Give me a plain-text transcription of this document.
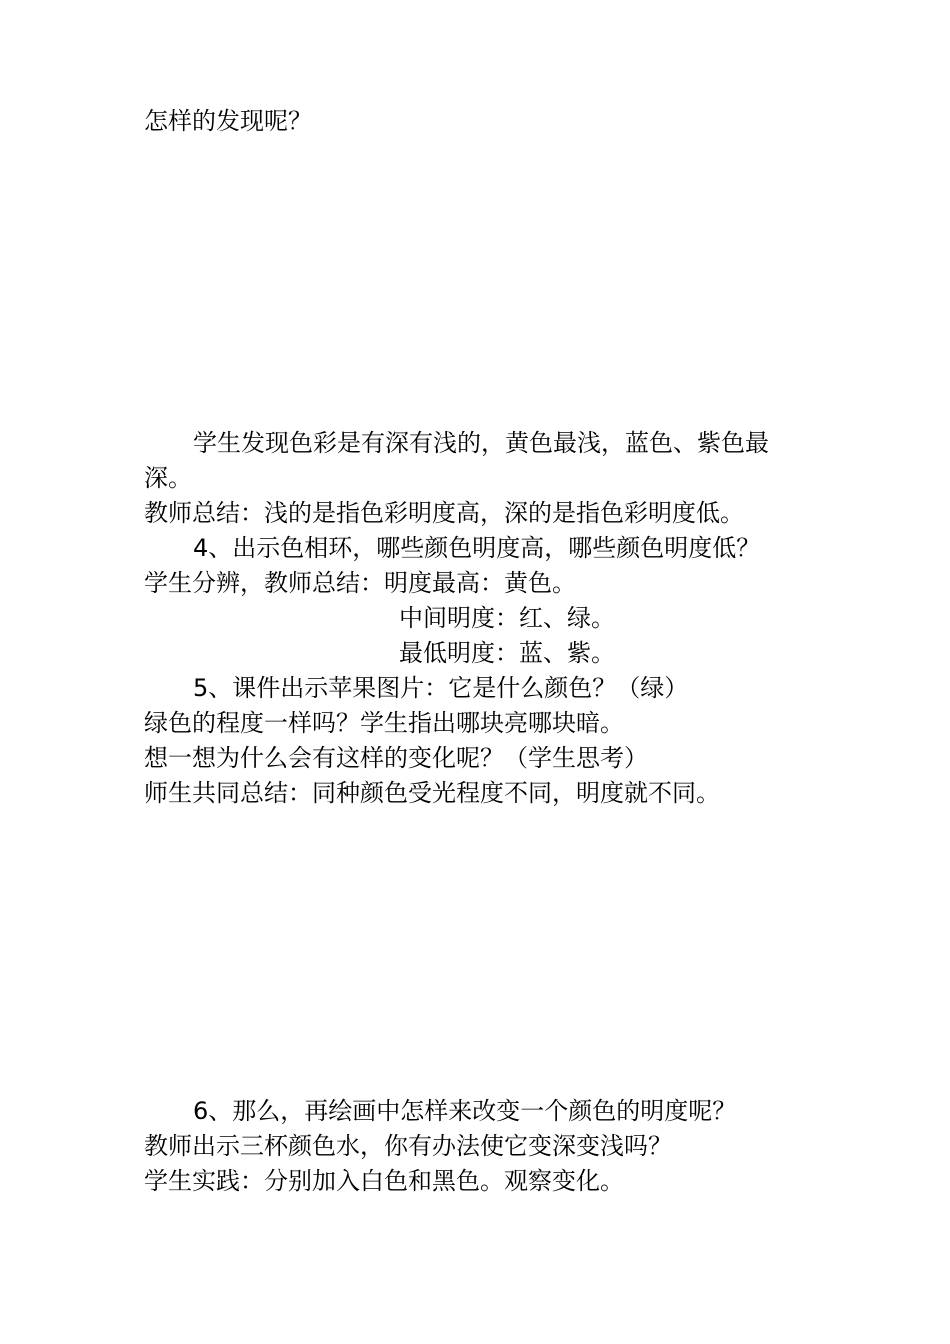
怎样的发现呢？
学生发现色彩是有深有浅的，黄色最浅，蓝色、紫色最
深。
教师总结：浅的是指色彩明度高，深的是指色彩明度低。
4、出示色相环，哪些颜色明度高，哪些颜色明度低？
学生分辨，教师总结：明度最高：黄色。
中间明度：红、绿。
最低明度：蓝、紫。
5、课件出示苹果图片：它是什么颜色？（绿）
绿色的程度一样吗？学生指出哪块亮哪块暗。
想一想为什么会有这样的变化呢？（学生思考）
师生共同总结：同种颜色受光程度不同，明度就不同。
6、那么，再绘画中怎样来改变一个颜色的明度呢？
教师出示三杯颜色水，你有办法使它变深变浅吗？
学生实践：分别加入白色和黑色。观察变化。
